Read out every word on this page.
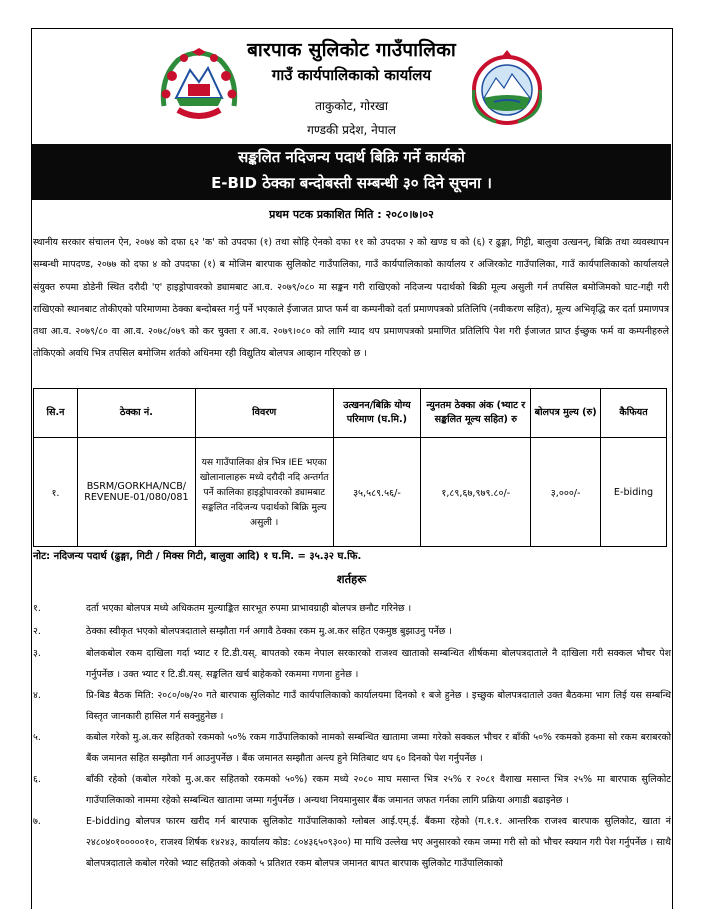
बारपाक सुलिकोट गाउँपालिका
गाउँ कार्यपालिकाको कार्यालय
ताकुकोट, गोरखा
गण्डकी प्रदेश, नेपाल
सङ्कलित नदिजन्य पदार्थ बिक्रि गर्ने कार्यको
E-BID ठेक्का बन्दोबस्ती सम्बन्धी ३० दिने सूचना ।
प्रथम पटक प्रकाशित मिति : २०८०।७।०२
स्थानीय सरकार संचालन ऐन, २०७४ को दफा ६२ 'क' को उपदफा (१) तथा सोहि ऐनको दफा ११ को उपदफा २ को खण्ड घ को (६) र ढुङ्गा, गिट्टी, बालुवा उत्खनन्, बिक्रि तथा व्यवस्थापन सम्बन्धी मापदण्ड, २०७७ को दफा ४ को उपदफा (१) ब मोजिम बारपाक सुलिकोट गाउँपालिका, गाउँ कार्यपालिकाको कार्यालय र अजिरकोट गाउँपालिका, गाउँ कार्यपालिकाको कार्यालयले संयुक्त रुपमा डोडेनी स्थित दरौदी 'ए' हाइड्रोपावरको ड्यामबाट आ.व. २०७९/०८० मा सङ्कन गरी राखिएको नदिजन्य पदार्थको बिक्री मूल्य असुली गर्न तपसिल बमोजिमको घाट-गद्दी गरी राखिएको स्थानबाट तोकीएको परिमाणमा ठेक्का बन्दोबस्त गर्नु पर्ने भएकाले ईजाजत प्राप्त फर्म वा कम्पनीको दर्ता प्रमाणपत्रको प्रतिलिपि (नवीकरण सहित), मूल्य अभिवृद्धि कर दर्ता प्रमाणपत्र तथा आ.व. २०७९/८० वा आ.व. २०७८/०७९ को कर चुक्ता र आ.व. २०७९।०८० को लागि म्याद थप प्रमाणपत्रको प्रमाणित प्रतिलिपि पेश गरी ईजाजत प्राप्त ईच्छुक फर्म वा कम्पनीहरुले तोकिएको अवधि भित्र तपसिल बमोजिम शर्तको अधिनमा रही विद्युतिय बोलपत्र आव्हान गरिएको छ ।
सि.न	ठेक्का नं.	विवरण	उत्खनन/बिक्रि योग्य परिमाण (घ.मि.)	न्युनतम ठेक्का अंक (भ्याट र सङ्कलित मूल्य सहित) रु	बोलपत्र मुल्य (रु)	कैफियत
१.	BSRM/GORKHA/NCB/ REVENUE-01/080/081	यस गाउँपालिका क्षेत्र भित्र IEE भएका खोलानालाहरू मध्ये दरौदी नदि अन्तर्गत पर्ने कालिका हाइड्रोपावरको ड्यामबाट सङ्कलित नदिजन्य पदार्थको बिक्रि मुल्य असुली ।	३५,५८९.५६/-	१,८९,६७,९७९.८०/-	३,०००/-	E-biding
नोट: नदिजन्य पदार्थ (ढुङ्गा, गिटी / मिक्स गिटी, बालुवा आदि) १ घ.मि. = ३५.३२ घ.फि.
शर्तहरू
१.	दर्ता भएका बोलपत्र मध्ये अधिकतम मुल्याङ्कित सारभूत रुपमा प्राभावग्राही बोलपत्र छनौट गरिनेछ ।
२.	ठेक्का स्वीकृत भएको बोलपत्रदाताले सम्झौता गर्न अगावै ठेक्का रकम मु.अ.कर सहित एकमुष्ठ बुझाउनु पर्नेछ ।
३.	बोलकबोल रकम दाखिला गर्दा भ्याट र टि.डी.यस्. बापतको रकम नेपाल सरकारको राजश्व खाताको सम्बन्धित शीर्षकमा बोलपत्रदाताले नै दाखिला गरी सक्कल भौचर पेश गर्नुपर्नेछ । उक्त भ्याट र टि.डी.यस्. सङ्कलित खर्च बाहेकको रकममा गणना हुनेछ ।
४.	प्रि-बिड बैठक मिति: २०८०/०७/२० गते बारपाक सुलिकोट गाउँ कार्यपालिकाको कार्यालयमा दिनको १ बजे हुनेछ । इच्छुक बोलपत्रदाताले उक्त बैठकमा भाग लिई यस सम्बन्धि विस्तृत जानकारी हासिल गर्न सक्नुहुनेछ ।
५.	कबोल गरेको मु.अ.कर सहितको रकमको ५०% रकम गाउँपालिकाको नामको सम्बन्धित खातामा जम्मा गरेको सक्कल भौचर र बाँकी ५०% रकमको हकमा सो रकम बराबरको बैंक जमानत सहित सम्झौता गर्न आउनुपर्नेछ । बैंक जमानत सम्झौता अन्त्य हुने मितिबाट थप ६० दिनको पेश गर्नुपर्नेछ ।
६.	बाँकी रहेको (कबोल गरेको मु.अ.कर सहितको रकमको ५०%) रकम मध्ये २०८० माघ मसान्त भित्र २५% र २०८१ वैशाख मसान्त भित्र २५% मा बारपाक सुलिकोट गाउँपालिकाको नाममा रहेको सम्बन्धित खातामा जम्मा गर्नुपर्नेछ । अन्यथा नियमानुसार बैंक जमानत जफत गर्नका लागि प्रक्रिया अगाडी बढाइनेछ ।
७.	E-bidding बोलपत्र फारम खरीद गर्न बारपाक सुलिकोट गाउँपालिकाको ग्लोबल आई.एम्.ई. बैंकमा रहेको (ग.१.१. आन्तरिक राजश्व बारपाक सुलिकोट, खाता नं २४८०४०१०००००१०, राजश्व शिर्षक १४२४३, कार्यालय कोड: ८०४३६५०९३००) मा माथि उल्लेख भए अनुसारको रकम जम्मा गरी सो को भौचर स्क्यान गरी पेश गर्नुपर्नेछ । साथै बोलपत्रदाताले कबोल गरेको भ्याट सहितको अंकको ५ प्रतिशत रकम बोलपत्र जमानत बापत बारपाक सुलिकोट गाउँपालिकाको
